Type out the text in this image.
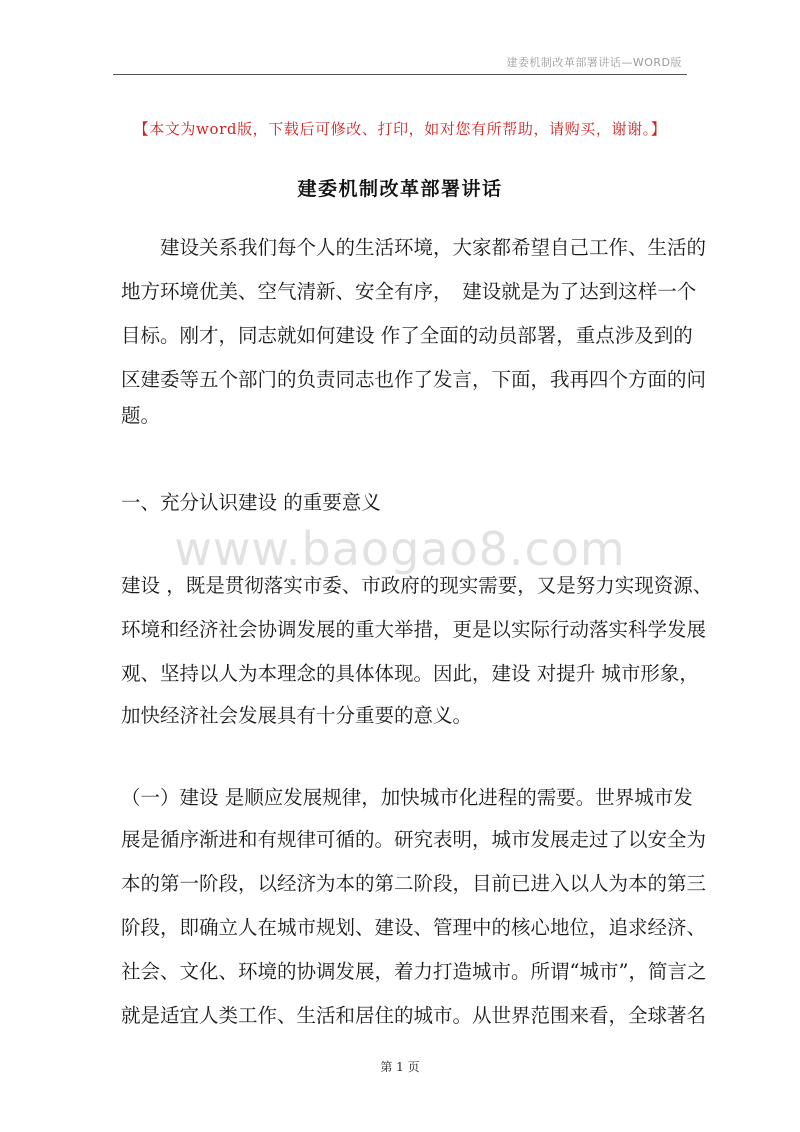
建委机制改革部署讲话—WORD版
【本文为word版，下载后可修改、打印，如对您有所帮助，请购买，谢谢。】
建委机制改革部署讲话
　　建设关系我们每个人的生活环境，大家都希望自己工作、生活的
地方环境优美、空气清新、安全有序，　建设就是为了达到这样一个
目标。刚才，同志就如何建设 作了全面的动员部署，重点涉及到的
区建委等五个部门的负责同志也作了发言，下面，我再四个方面的问
题。
一、充分认识建设 的重要意义
www.baogao8.com
建设 ，既是贯彻落实市委、市政府的现实需要，又是努力实现资源、
环境和经济社会协调发展的重大举措，更是以实际行动落实科学发展
观、坚持以人为本理念的具体体现。因此，建设 对提升 城市形象，
加快经济社会发展具有十分重要的意义。
（一）建设 是顺应发展规律，加快城市化进程的需要。世界城市发
展是循序渐进和有规律可循的。研究表明，城市发展走过了以安全为
本的第一阶段，以经济为本的第二阶段，目前已进入以人为本的第三
阶段，即确立人在城市规划、建设、管理中的核心地位，追求经济、
社会、文化、环境的协调发展，着力打造城市。所谓“城市”，简言之
就是适宜人类工作、生活和居住的城市。从世界范围来看，全球著名
第 1 页
